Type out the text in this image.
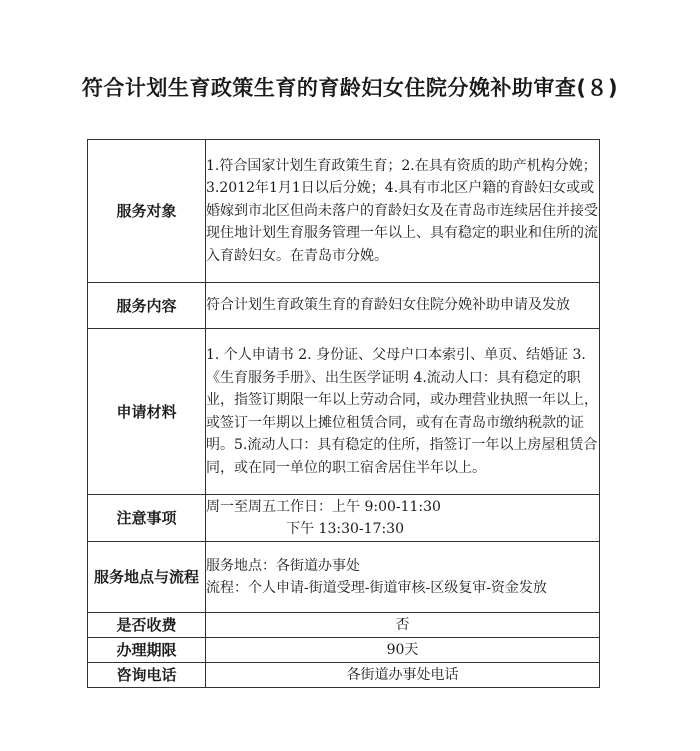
符合计划生育政策生育的育龄妇女住院分娩补助审查(８)
服务对象	1.符合国家计划生育政策生育；2.在具有资质的助产机构分娩；  3.2012年1月1日以后分娩；4.具有市北区户籍的育龄妇女或或婚嫁到市北区但尚未落户的育龄妇女及在青岛市连续居住并接受现住地计划生育服务管理一年以上、具有稳定的职业和住所的流入育龄妇女。在青岛市分娩。
服务内容	符合计划生育政策生育的育龄妇女住院分娩补助申请及发放
申请材料	1. 个人申请书 2. 身份证、父母户口本索引、单页、结婚证 3. 《生育服务手册》、出生医学证明 4.流动人口：具有稳定的职业，指签订期限一年以上劳动合同，或办理营业执照一年以上，或签订一年期以上摊位租赁合同，或有在青岛市缴纳税款的证明。5.流动人口：具有稳定的住所，指签订一年以上房屋租赁合同，或在同一单位的职工宿舍居住半年以上。
注意事项	周一至周五工作日：上午 9:00-11:30
下午 13:30-17:30
服务地点与流程	服务地点：各街道办事处
流程：个人申请-街道受理-街道审核-区级复审-资金发放
是否收费	否
办理期限	90天
咨询电话	各街道办事处电话
